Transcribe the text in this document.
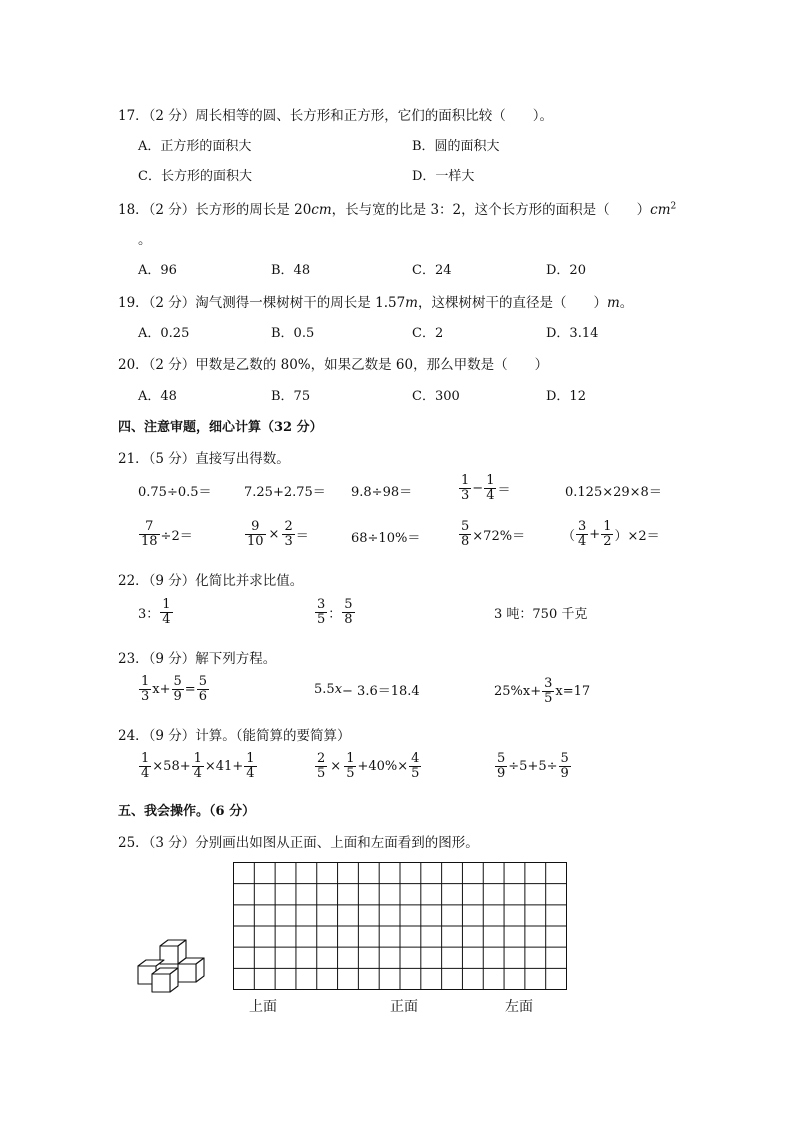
17．（2 分）周长相等的圆、长方形和正方形，它们的面积比较（　　）。
A．正方形的面积大	B．圆的面积大
C．长方形的面积大	D．一样大
18．（2 分）长方形的周长是 20cm，长与宽的比是 3：2，这个长方形的面积是（　　）$cm^2$
。
A．96	B．48	C．24	D．20
19．（2 分）淘气测得一棵树树干的周长是 1.57m，这棵树树干的直径是（　　）m。
A．0.25	B．0.5	C．2	D．3.14
20．（2 分）甲数是乙数的 80%，如果乙数是 60，那么甲数是（　　）
A．48	B．75	C．300	D．12
四、注意审题，细心计算（32 分）
21．（5 分）直接写出得数。
0.75÷0.5＝ 7.25+2.75＝ 9.8÷98＝	$\frac{1}{3} - \frac{1}{4}$ ＝	0.125×29×8＝
$\frac{7}{18} \div 2=$	$\frac{9}{10} \times \frac{2}{3}$ ＝	68÷10%＝	$\frac{5}{8} \times 72\%=$	（ $\frac{3}{4} + \frac{1}{2} )\times 2=$
22．（9 分）化简比并求比值。
3： $\frac{1}{4}$	$\frac{3}{5}$ ： $\frac{5}{8}$	3 吨：750 千克
23．（9 分）解下列方程。
$\frac{1}{3} x+ \frac{5}{9} = \frac{5}{6}$	5.5 x − 3.6＝18.4	$25\%x+ \frac{3}{5} x=17$
24．（9 分）计算。（能简算的要简算）
$\frac{1}{4} \times 58+ \frac{1}{4} \times 41+ \frac{1}{4}$	$\frac{2}{5} \times \frac{1}{5} +40\%\times \frac{4}{5}$	$\frac{5}{9} \div 5+5\div \frac{5}{9}$
五、我会操作。（6 分）
25．（3 分）分别画出如图从正面、上面和左面看到的图形。
上面	正面	左面
